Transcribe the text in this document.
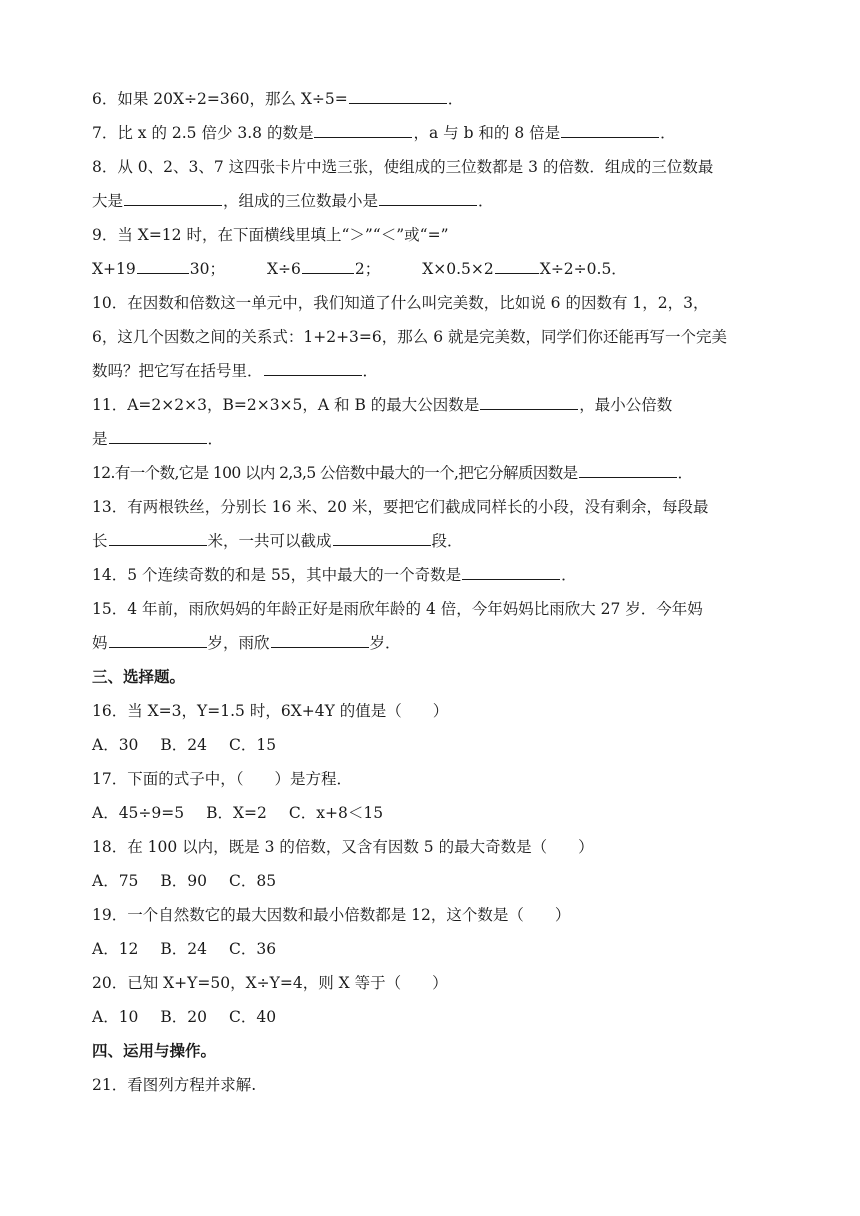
6．如果 20X÷2=360，那么 X÷5=	．
7．比 x 的 2.5 倍少 3.8 的数是	，a 与 b 和的 8 倍是	．
8．从 0、2、3、7 这四张卡片中选三张，使组成的三位数都是 3 的倍数．组成的三位数最
大是	，组成的三位数最小是	．
9．当 X=12 时，在下面横线里填上“＞”“＜”或“=”
X+19	30；	X÷6	2；	X×0.5×2	X÷2÷0.5．
10．在因数和倍数这一单元中，我们知道了什么叫完美数，比如说 6 的因数有 1，2，3，
6，这几个因数之间的关系式：1+2+3=6，那么 6 就是完美数，同学们你还能再写一个完美
数吗？把它写在括号里．	．
11．A=2×2×3，B=2×3×5，A 和 B 的最大公因数是	，最小公倍数
是	．
12.有一个数,它是 100 以内 2,3,5 公倍数中最大的一个,把它分解质因数是	．
13．有两根铁丝，分别长 16 米、20 米，要把它们截成同样长的小段，没有剩余，每段最
长	米，一共可以截成	段．
14．5 个连续奇数的和是 55，其中最大的一个奇数是	．
15．4 年前，雨欣妈妈的年龄正好是雨欣年龄的 4 倍，今年妈妈比雨欣大 27 岁．今年妈
妈	岁，雨欣	岁．
三、选择题。
16．当 X=3，Y=1.5 时，6X+4Y 的值是（　　）
A．30 B．24 C．15
17．下面的式子中，（　　）是方程．
A．45÷9=5 B．X=2 C．x+8＜15
18．在 100 以内，既是 3 的倍数，又含有因数 5 的最大奇数是（　　）
A．75 B．90 C．85
19．一个自然数它的最大因数和最小倍数都是 12，这个数是（　　）
A．12 B．24 C．36
20．已知 X+Y=50，X÷Y=4，则 X 等于（　　）
A．10 B．20 C．40
四、运用与操作。
21．看图列方程并求解.
